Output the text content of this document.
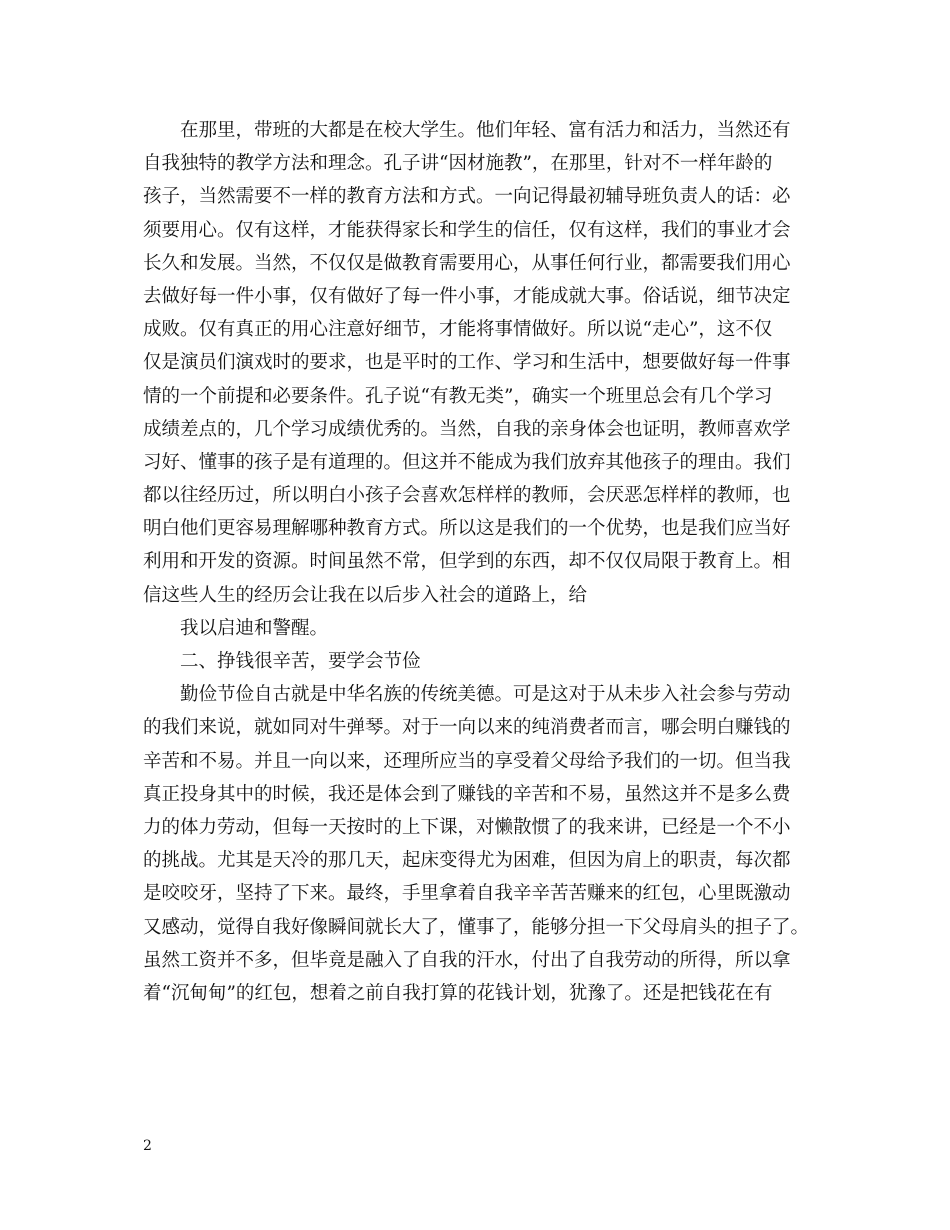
在那里，带班的大都是在校大学生。他们年轻、富有活力和活力，当然还有
自我独特的教学方法和理念。孔子讲“因材施教”，在那里，针对不一样年龄的
孩子，当然需要不一样的教育方法和方式。一向记得最初辅导班负责人的话：必
须要用心。仅有这样，才能获得家长和学生的信任，仅有这样，我们的事业才会
长久和发展。当然，不仅仅是做教育需要用心，从事任何行业，都需要我们用心
去做好每一件小事，仅有做好了每一件小事，才能成就大事。俗话说，细节决定
成败。仅有真正的用心注意好细节，才能将事情做好。所以说“走心”，这不仅
仅是演员们演戏时的要求，也是平时的工作、学习和生活中，想要做好每一件事
情的一个前提和必要条件。孔子说“有教无类”，确实一个班里总会有几个学习
成绩差点的，几个学习成绩优秀的。当然，自我的亲身体会也证明，教师喜欢学
习好、懂事的孩子是有道理的。但这并不能成为我们放弃其他孩子的理由。我们
都以往经历过，所以明白小孩子会喜欢怎样样的教师，会厌恶怎样样的教师，也
明白他们更容易理解哪种教育方式。所以这是我们的一个优势，也是我们应当好
利用和开发的资源。时间虽然不常，但学到的东西，却不仅仅局限于教育上。相
信这些人生的经历会让我在以后步入社会的道路上，给
我以启迪和警醒。
二、挣钱很辛苦，要学会节俭
勤俭节俭自古就是中华名族的传统美德。可是这对于从未步入社会参与劳动
的我们来说，就如同对牛弹琴。对于一向以来的纯消费者而言，哪会明白赚钱的
辛苦和不易。并且一向以来，还理所应当的享受着父母给予我们的一切。但当我
真正投身其中的时候，我还是体会到了赚钱的辛苦和不易，虽然这并不是多么费
力的体力劳动，但每一天按时的上下课，对懒散惯了的我来讲，已经是一个不小
的挑战。尤其是天冷的那几天，起床变得尤为困难，但因为肩上的职责，每次都
是咬咬牙，坚持了下来。最终，手里拿着自我辛辛苦苦赚来的红包，心里既激动
又感动，觉得自我好像瞬间就长大了，懂事了，能够分担一下父母肩头的担子了。
虽然工资并不多，但毕竟是融入了自我的汗水，付出了自我劳动的所得，所以拿
着“沉甸甸”的红包，想着之前自我打算的花钱计划，犹豫了。还是把钱花在有
2
